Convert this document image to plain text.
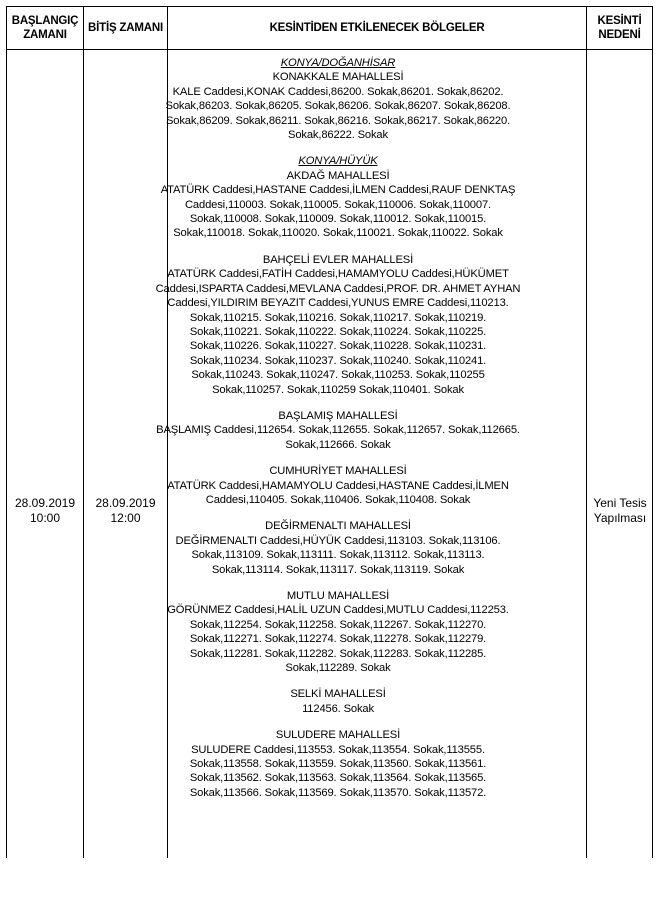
BAŞLANGIÇ ZAMANI
BİTİŞ ZAMANI	KESİNTİDEN ETKİLENECEK BÖLGELER
KESİNTİ NEDENİ
28.09.2019
10:00
28.09.2019
12:00
Yeni Tesis Yapılması
KONYA/DOĞANHİSAR
KONAKKALE MAHALLESİ
KALE Caddesi,KONAK Caddesi,86200. Sokak,86201. Sokak,86202.
Sokak,86203. Sokak,86205. Sokak,86206. Sokak,86207. Sokak,86208.
Sokak,86209. Sokak,86211. Sokak,86216. Sokak,86217. Sokak,86220.
Sokak,86222. Sokak
KONYA/HÜYÜK
AKDAĞ MAHALLESİ
ATATÜRK Caddesi,HASTANE Caddesi,İLMEN Caddesi,RAUF DENKTAŞ
Caddesi,110003. Sokak,110005. Sokak,110006. Sokak,110007.
Sokak,110008. Sokak,110009. Sokak,110012. Sokak,110015.
Sokak,110018. Sokak,110020. Sokak,110021. Sokak,110022. Sokak
BAHÇELİ EVLER MAHALLESİ
ATATÜRK Caddesi,FATİH Caddesi,HAMAMYOLU Caddesi,HÜKÜMET
Caddesi,ISPARTA Caddesi,MEVLANA Caddesi,PROF. DR. AHMET AYHAN
Caddesi,YILDIRIM BEYAZIT Caddesi,YUNUS EMRE Caddesi,110213.
Sokak,110215. Sokak,110216. Sokak,110217. Sokak,110219.
Sokak,110221. Sokak,110222. Sokak,110224. Sokak,110225.
Sokak,110226. Sokak,110227. Sokak,110228. Sokak,110231.
Sokak,110234. Sokak,110237. Sokak,110240. Sokak,110241.
Sokak,110243. Sokak,110247. Sokak,110253. Sokak,110255
Sokak,110257. Sokak,110259 Sokak,110401. Sokak
BAŞLAMIŞ MAHALLESİ
BAŞLAMIŞ Caddesi,112654. Sokak,112655. Sokak,112657. Sokak,112665.
Sokak,112666. Sokak
CUMHURİYET MAHALLESİ
ATATÜRK Caddesi,HAMAMYOLU Caddesi,HASTANE Caddesi,İLMEN
Caddesi,110405. Sokak,110406. Sokak,110408. Sokak
DEĞİRMENALTI MAHALLESİ
DEĞİRMENALTI Caddesi,HÜYÜK Caddesi,113103. Sokak,113106.
Sokak,113109. Sokak,113111. Sokak,113112. Sokak,113113.
Sokak,113114. Sokak,113117. Sokak,113119. Sokak
MUTLU MAHALLESİ
GÖRÜNMEZ Caddesi,HALİL UZUN Caddesi,MUTLU Caddesi,112253.
Sokak,112254. Sokak,112258. Sokak,112267. Sokak,112270.
Sokak,112271. Sokak,112274. Sokak,112278. Sokak,112279.
Sokak,112281. Sokak,112282. Sokak,112283. Sokak,112285.
Sokak,112289. Sokak
SELKİ MAHALLESİ
112456. Sokak
SULUDERE MAHALLESİ
SULUDERE Caddesi,113553. Sokak,113554. Sokak,113555.
Sokak,113558. Sokak,113559. Sokak,113560. Sokak,113561.
Sokak,113562. Sokak,113563. Sokak,113564. Sokak,113565.
Sokak,113566. Sokak,113569. Sokak,113570. Sokak,113572.
